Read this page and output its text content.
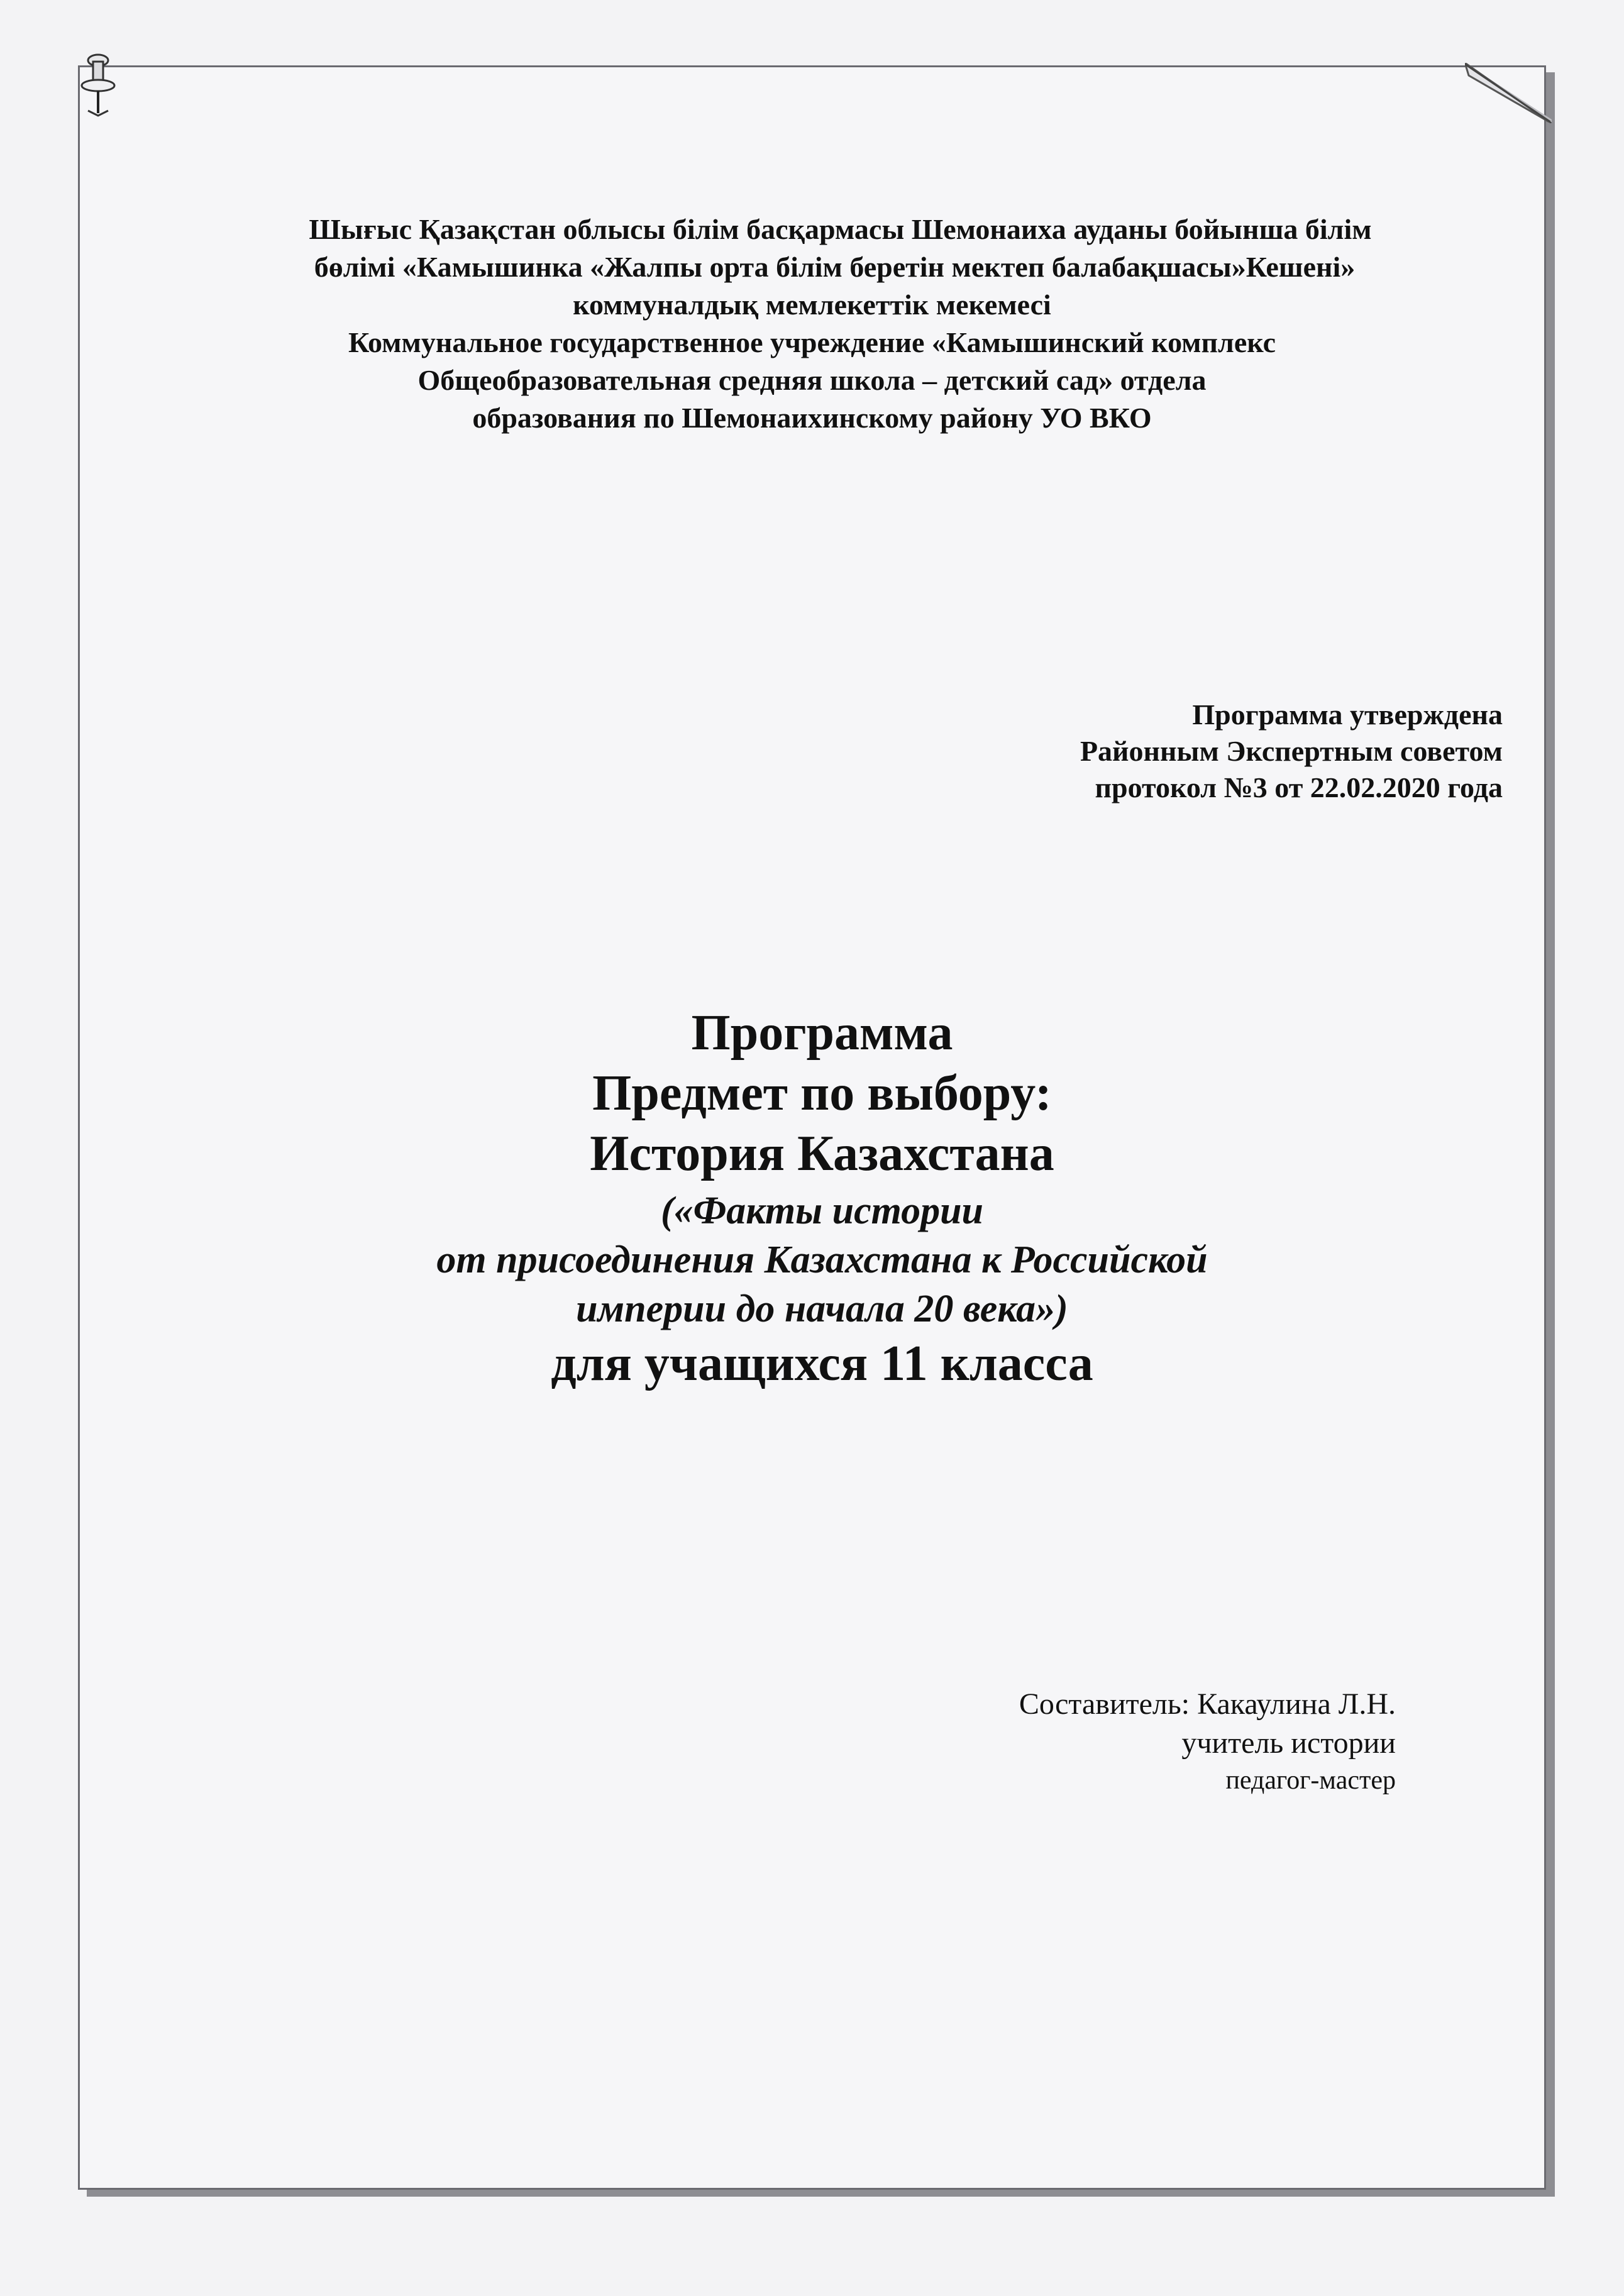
Шығыс Қазақстан облысы білім басқармасы Шемонаиха ауданы бойынша білім
бөлімі «Камышинка «Жалпы орта білім беретін мектеп балабақшасы»Кешені»
коммуналдық мемлекеттік мекемесі
Коммунальное государственное учреждение «Камышинский комплекс
Общеобразовательная средняя школа – детский сад» отдела
образования по Шемонаихинскому району УО ВКО
Программа утверждена
Районным Экспертным советом
протокол №3 от 22.02.2020 года
Программа
Предмет по выбору:
История Казахстана
(«Факты истории
от присоединения Казахстана к Российской
империи до начала 20 века»)
для учащихся 11 класса
Составитель: Какаулина Л.Н.
учитель истории
педагог-мастер
